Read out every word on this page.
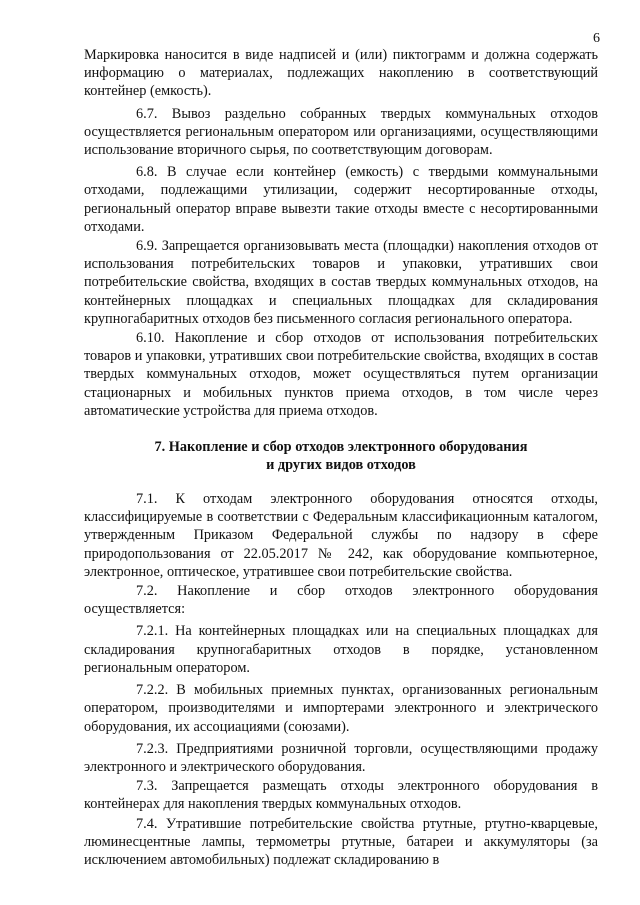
6

Маркировка наносится в виде надписей и (или) пиктограмм и должна содержать информацию о материалах, подлежащих накоплению в соответствующий контейнер (емкость).

6.7. Вывоз раздельно собранных твердых коммунальных отходов осуществляется региональным оператором или организациями, осуществляющими использование вторичного сырья, по соответствующим договорам.

6.8. В случае если контейнер (емкость) с твердыми коммунальными отходами, подлежащими утилизации, содержит несортированные отходы, региональный оператор вправе вывезти такие отходы вместе с несортированными отходами.

6.9. Запрещается организовывать места (площадки) накопления отходов от использования потребительских товаров и упаковки, утративших свои потребительские свойства, входящих в состав твердых коммунальных отходов, на контейнерных площадках и специальных площадках для складирования крупногабаритных отходов без письменного согласия регионального оператора.

6.10. Накопление и сбор отходов от использования потребительских товаров и упаковки, утративших свои потребительские свойства, входящих в состав твердых коммунальных отходов, может осуществляться путем организации стационарных и мобильных пунктов приема отходов, в том числе через автоматические устройства для приема отходов.

7. Накопление и сбор отходов электронного оборудования
и других видов отходов

7.1. К отходам электронного оборудования относятся отходы, классифицируемые в соответствии с Федеральным классификационным каталогом, утвержденным Приказом Федеральной службы по надзору в сфере природопользования от 22.05.2017 № 242, как оборудование компьютерное, электронное, оптическое, утратившее свои потребительские свойства.

7.2. Накопление и сбор отходов электронного оборудования осуществляется:

7.2.1. На контейнерных площадках или на специальных площадках для складирования крупногабаритных отходов в порядке, установленном региональным оператором.

7.2.2. В мобильных приемных пунктах, организованных региональным оператором, производителями и импортерами электронного и электрического оборудования, их ассоциациями (союзами).

7.2.3. Предприятиями розничной торговли, осуществляющими продажу электронного и электрического оборудования.

7.3. Запрещается размещать отходы электронного оборудования в контейнерах для накопления твердых коммунальных отходов.

7.4. Утратившие потребительские свойства ртутные, ртутно-кварцевые, люминесцентные лампы, термометры ртутные, батареи и аккумуляторы (за исключением автомобильных) подлежат складированию в
